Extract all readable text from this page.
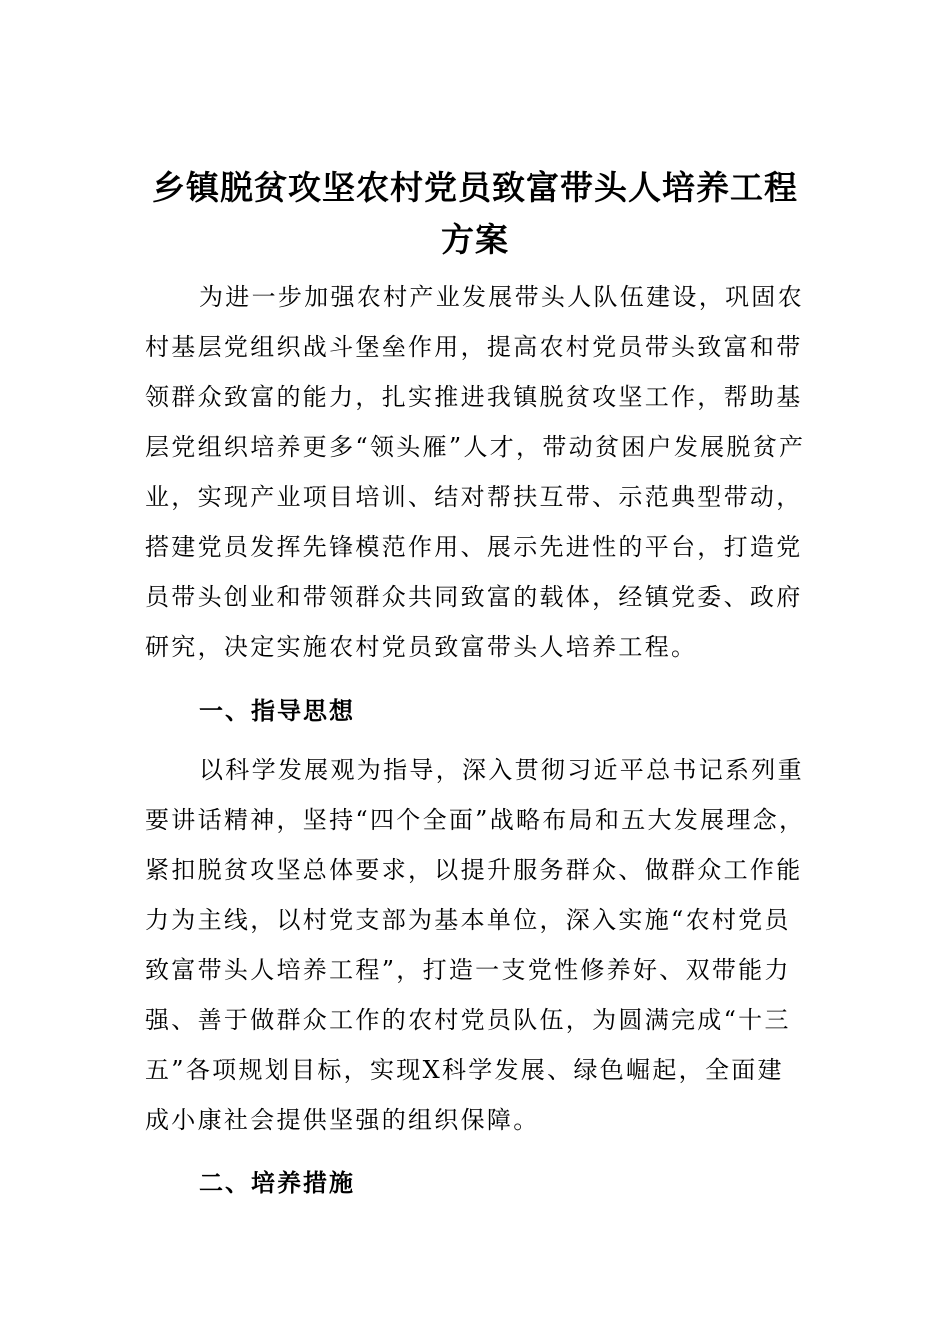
乡镇脱贫攻坚农村党员致富带头人培养工程方案

为进一步加强农村产业发展带头人队伍建设，巩固农村基层党组织战斗堡垒作用，提高农村党员带头致富和带领群众致富的能力，扎实推进我镇脱贫攻坚工作，帮助基层党组织培养更多“领头雁”人才，带动贫困户发展脱贫产业，实现产业项目培训、结对帮扶互带、示范典型带动，搭建党员发挥先锋模范作用、展示先进性的平台，打造党员带头创业和带领群众共同致富的载体，经镇党委、政府研究，决定实施农村党员致富带头人培养工程。

一、指导思想

以科学发展观为指导，深入贯彻习近平总书记系列重要讲话精神，坚持“四个全面”战略布局和五大发展理念，紧扣脱贫攻坚总体要求，以提升服务群众、做群众工作能力为主线，以村党支部为基本单位，深入实施“农村党员致富带头人培养工程”，打造一支党性修养好、双带能力强、善于做群众工作的农村党员队伍，为圆满完成“十三五”各项规划目标，实现X科学发展、绿色崛起，全面建成小康社会提供坚强的组织保障。

二、培养措施
